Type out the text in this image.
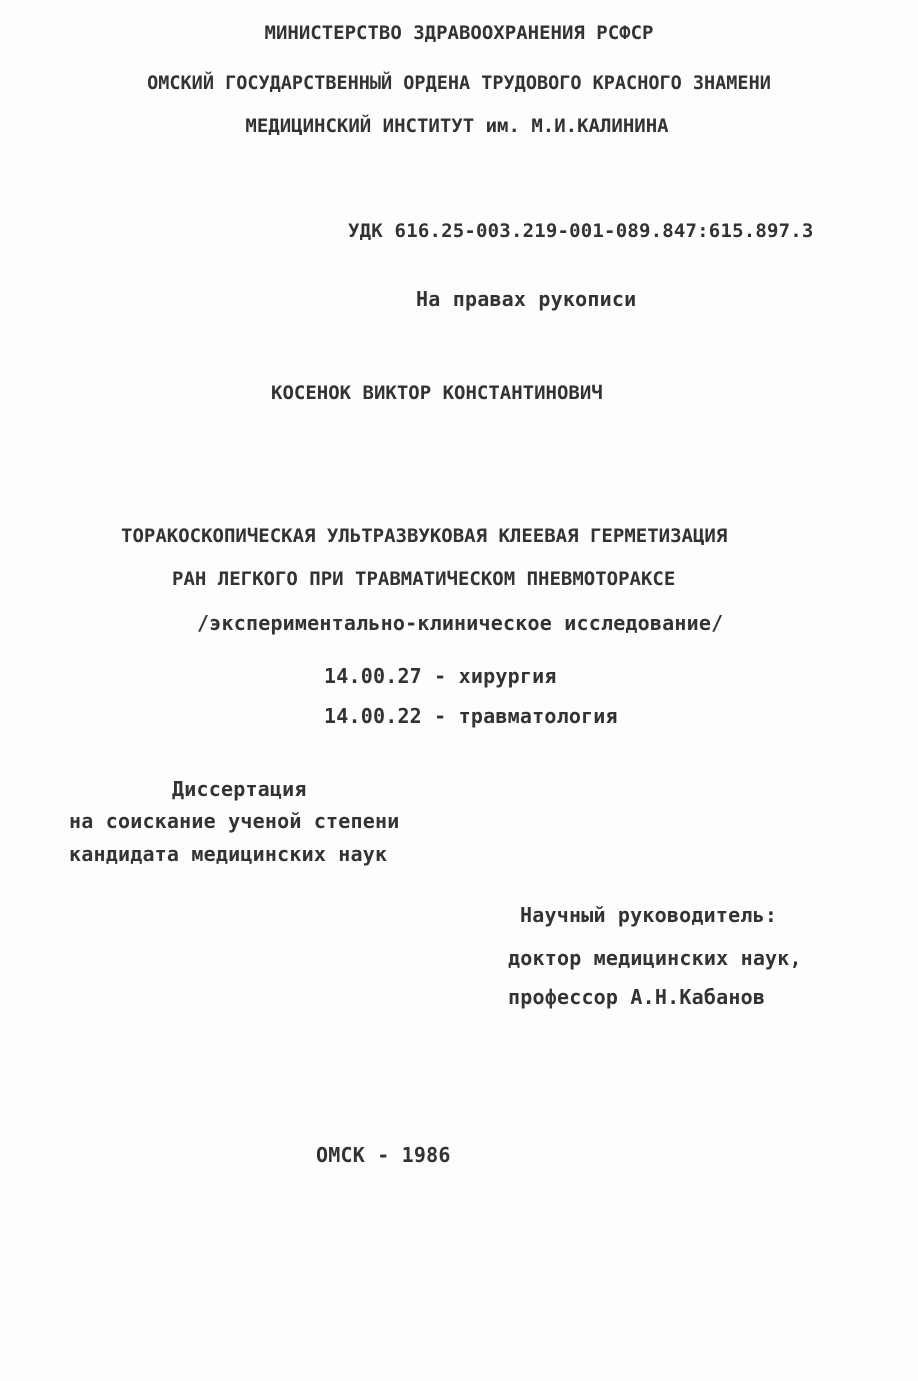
МИНИСТЕРСТВО ЗДРАВООХРАНЕНИЯ РСФСР
ОМСКИЙ ГОСУДАРСТВЕННЫЙ ОРДЕНА ТРУДОВОГО КРАСНОГО ЗНАМЕНИ
МЕДИЦИНСКИЙ ИНСТИТУТ им. М.И.КАЛИНИНА
УДК 616.25-003.219-001-089.847:615.897.3
На правах рукописи
КОСЕНОК ВИКТОР КОНСТАНТИНОВИЧ
ТОРАКОСКОПИЧЕСКАЯ УЛЬТРАЗВУКОВАЯ КЛЕЕВАЯ ГЕРМЕТИЗАЦИЯ
РАН ЛЕГКОГО ПРИ ТРАВМАТИЧЕСКОМ ПНЕВМОТОРАКСЕ
/экспериментально-клиническое исследование/
14.00.27 - хирургия
14.00.22 - травматология
Диссертация
на соискание ученой степени
кандидата медицинских наук
Научный руководитель:
доктор медицинских наук,
профессор А.Н.Кабанов
ОМСК - 1986
